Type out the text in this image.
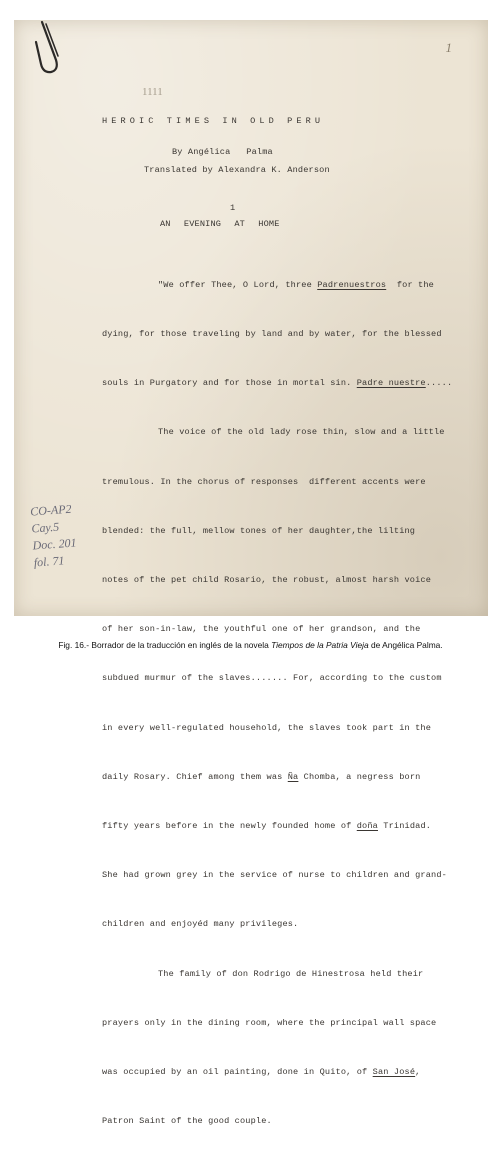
1
1111
HEROIC TIMES IN OLD PERU
By Angélica   Palma
Translated by Alexandra K. Anderson
1
AN EVENING AT HOME

"We offer Thee, O Lord, three Padrenuestros  for the

dying, for those traveling by land and by water, for the blessed

souls in Purgatory and for those in mortal sin. Padre nuestre.....

The voice of the old lady rose thin, slow and a little

tremulous. In the chorus of responses  different accents were

blended: the full, mellow tones of her daughter,the lilting

notes of the pet child Rosario, the robust, almost harsh voice

of her son-in-law, the youthful one of her grandson, and the

subdued murmur of the slaves....... For, according to the custom

in every well-regulated household, the slaves took part in the

daily Rosary. Chief among them was Ña Chomba, a negress born

fifty years before in the newly founded home of doña Trinidad.

She had grown grey in the service of nurse to children and grand-

children and enjoyéd many privileges.

The family of don Rodrigo de Hinestrosa held their

prayers only in the dining room, where the principal wall space

was occupied by an oil painting, done in Quito, of San José,

Patron Saint of the good couple.

CO-AP2
Cay.5
Doc. 201
fol. 71
Fig. 16.- Borrador de la traducción en inglés de la novela Tiempos de la Patria Vieja de Angélica Palma.
